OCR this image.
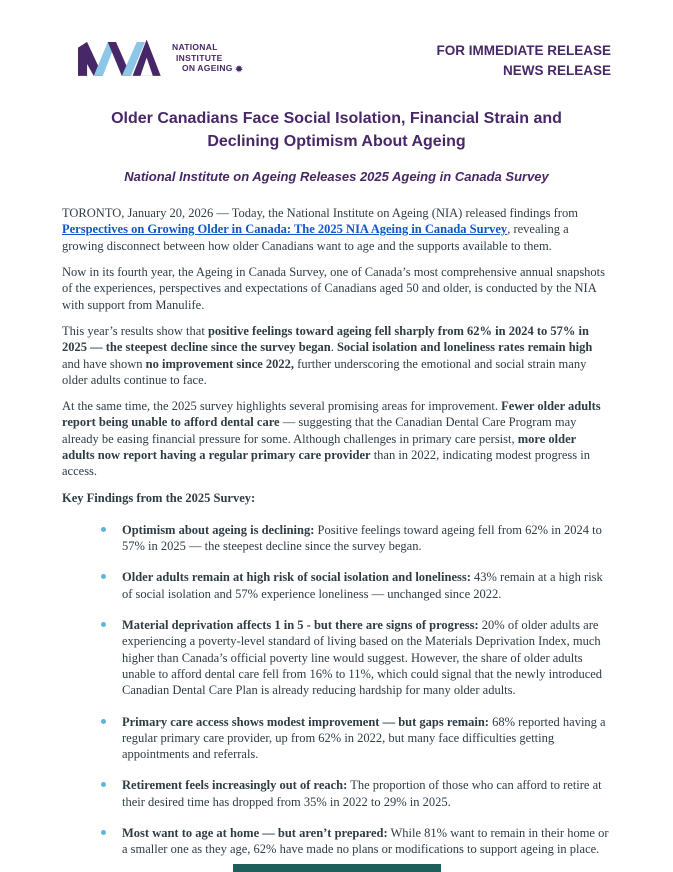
NATIONAL
INSTITUTE
ON AGEING
FOR IMMEDIATE RELEASE
NEWS RELEASE
Older Canadians Face Social Isolation, Financial Strain and Declining Optimism About Ageing
National Institute on Ageing Releases 2025 Ageing in Canada Survey

TORONTO, January 20, 2026 — Today, the National Institute on Ageing (NIA) released findings from Perspectives on Growing Older in Canada: The 2025 NIA Ageing in Canada Survey, revealing a growing disconnect between how older Canadians want to age and the supports available to them.

Now in its fourth year, the Ageing in Canada Survey, one of Canada’s most comprehensive annual snapshots of the experiences, perspectives and expectations of Canadians aged 50 and older, is conducted by the NIA with support from Manulife.

This year’s results show that positive feelings toward ageing fell sharply from 62% in 2024 to 57% in 2025 — the steepest decline since the survey began. Social isolation and loneliness rates remain high and have shown no improvement since 2022, further underscoring the emotional and social strain many older adults continue to face.

At the same time, the 2025 survey highlights several promising areas for improvement. Fewer older adults report being unable to afford dental care — suggesting that the Canadian Dental Care Program may already be easing financial pressure for some. Although challenges in primary care persist, more older adults now report having a regular primary care provider than in 2022, indicating modest progress in access.

Key Findings from the 2025 Survey:

Optimism about ageing is declining: Positive feelings toward ageing fell from 62% in 2024 to 57% in 2025 — the steepest decline since the survey began.
Older adults remain at high risk of social isolation and loneliness: 43% remain at a high risk of social isolation and 57% experience loneliness — unchanged since 2022.
Material deprivation affects 1 in 5 - but there are signs of progress: 20% of older adults are experiencing a poverty-level standard of living based on the Materials Deprivation Index, much higher than Canada’s official poverty line would suggest. However, the share of older adults unable to afford dental care fell from 16% to 11%, which could signal that the newly introduced Canadian Dental Care Plan is already reducing hardship for many older adults.
Primary care access shows modest improvement — but gaps remain: 68% reported having a regular primary care provider, up from 62% in 2022, but many face difficulties getting appointments and referrals.
Retirement feels increasingly out of reach: The proportion of those who can afford to retire at their desired time has dropped from 35% in 2022 to 29% in 2025.
Most want to age at home — but aren’t prepared: While 81% want to remain in their home or a smaller one as they age, 62% have made no plans or modifications to support ageing in place.
